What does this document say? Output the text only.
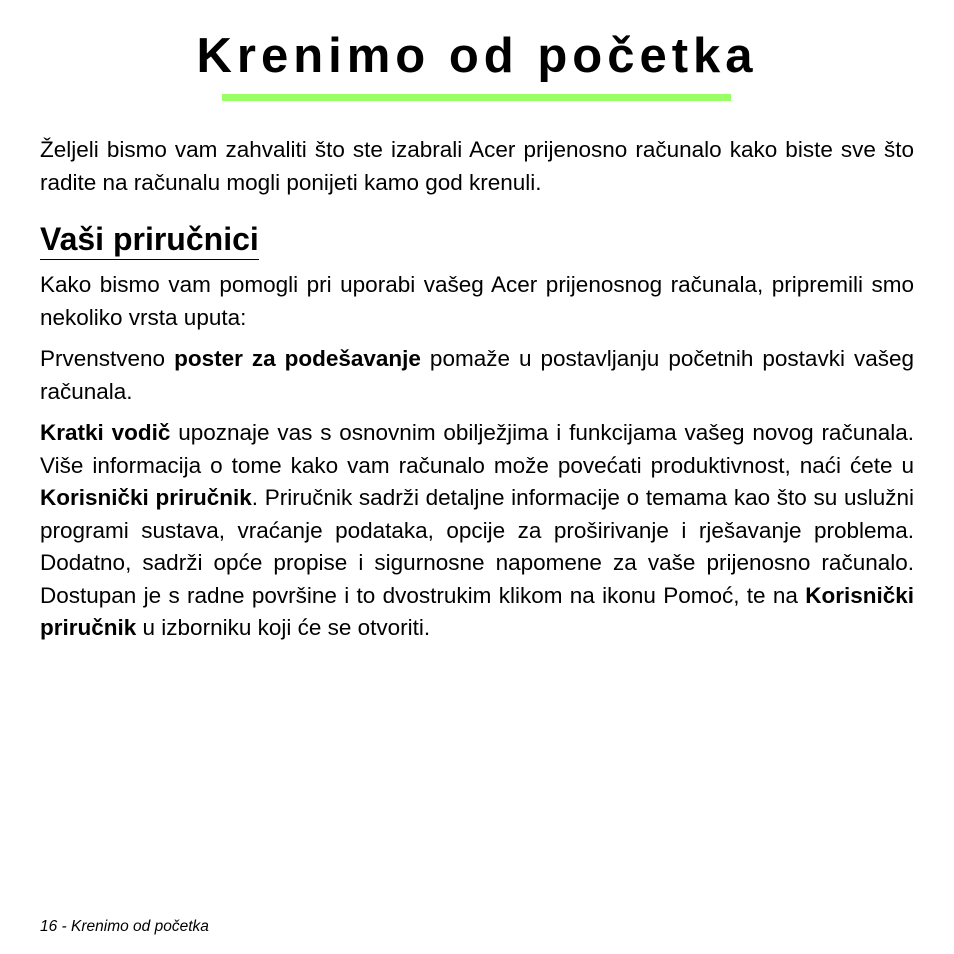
Krenimo od početka

Željeli bismo vam zahvaliti što ste izabrali Acer prijenosno računalo kako biste sve što radite na računalu mogli ponijeti kamo god krenuli.

Vaši priručnici

Kako bismo vam pomogli pri uporabi vašeg Acer prijenosnog računala, pripremili smo nekoliko vrsta uputa:

Prvenstveno poster za podešavanje pomaže u postavljanju početnih postavki vašeg računala.

Kratki vodič upoznaje vas s osnovnim obilježjima i funkcijama vašeg novog računala. Više informacija o tome kako vam računalo može povećati produktivnost, naći ćete u Korisnički priručnik. Priručnik sadrži detaljne informacije o temama kao što su uslužni programi sustava, vraćanje podataka, opcije za proširivanje i rješavanje problema. Dodatno, sadrži opće propise i sigurnosne napomene za vaše prijenosno računalo. Dostupan je s radne površine i to dvostrukim klikom na ikonu Pomoć, te na Korisnički priručnik u izborniku koji će se otvoriti.

16 - Krenimo od početka
